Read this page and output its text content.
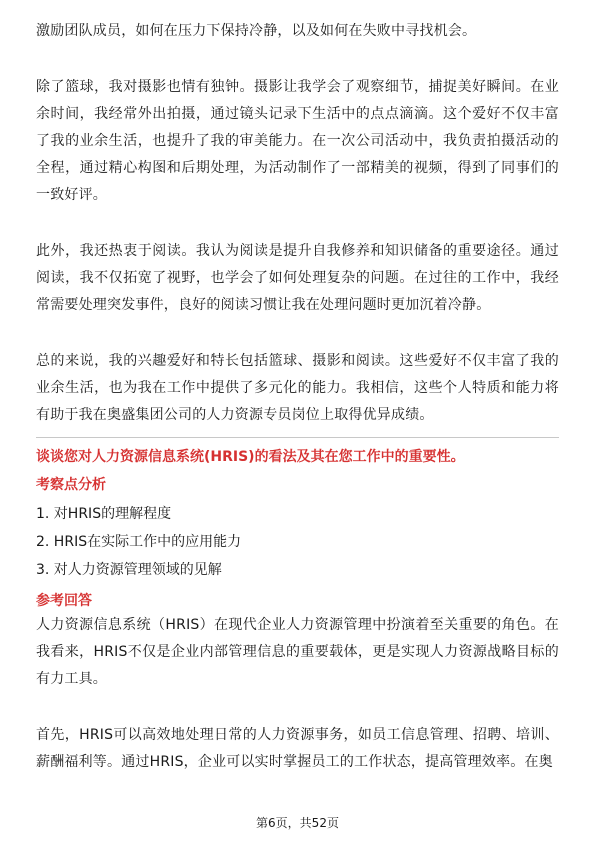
激励团队成员，如何在压力下保持冷静，以及如何在失败中寻找机会。

除了篮球，我对摄影也情有独钟。摄影让我学会了观察细节，捕捉美好瞬间。在业余时间，我经常外出拍摄，通过镜头记录下生活中的点点滴滴。这个爱好不仅丰富了我的业余生活，也提升了我的审美能力。在一次公司活动中，我负责拍摄活动的全程，通过精心构图和后期处理，为活动制作了一部精美的视频，得到了同事们的一致好评。

此外，我还热衷于阅读。我认为阅读是提升自我修养和知识储备的重要途径。通过阅读，我不仅拓宽了视野，也学会了如何处理复杂的问题。在过往的工作中，我经常需要处理突发事件，良好的阅读习惯让我在处理问题时更加沉着冷静。

总的来说，我的兴趣爱好和特长包括篮球、摄影和阅读。这些爱好不仅丰富了我的业余生活，也为我在工作中提供了多元化的能力。我相信，这些个人特质和能力将有助于我在奥盛集团公司的人力资源专员岗位上取得优异成绩。

谈谈您对人力资源信息系统(HRIS)的看法及其在您工作中的重要性。

考察点分析

1. 对HRIS的理解程度
2. HRIS在实际工作中的应用能力
3. 对人力资源管理领域的见解

参考回答

人力资源信息系统（HRIS）在现代企业人力资源管理中扮演着至关重要的角色。在我看来，HRIS不仅是企业内部管理信息的重要载体，更是实现人力资源战略目标的有力工具。

首先，HRIS可以高效地处理日常的人力资源事务，如员工信息管理、招聘、培训、薪酬福利等。通过HRIS，企业可以实时掌握员工的工作状态，提高管理效率。在奥

第6页，共52页
